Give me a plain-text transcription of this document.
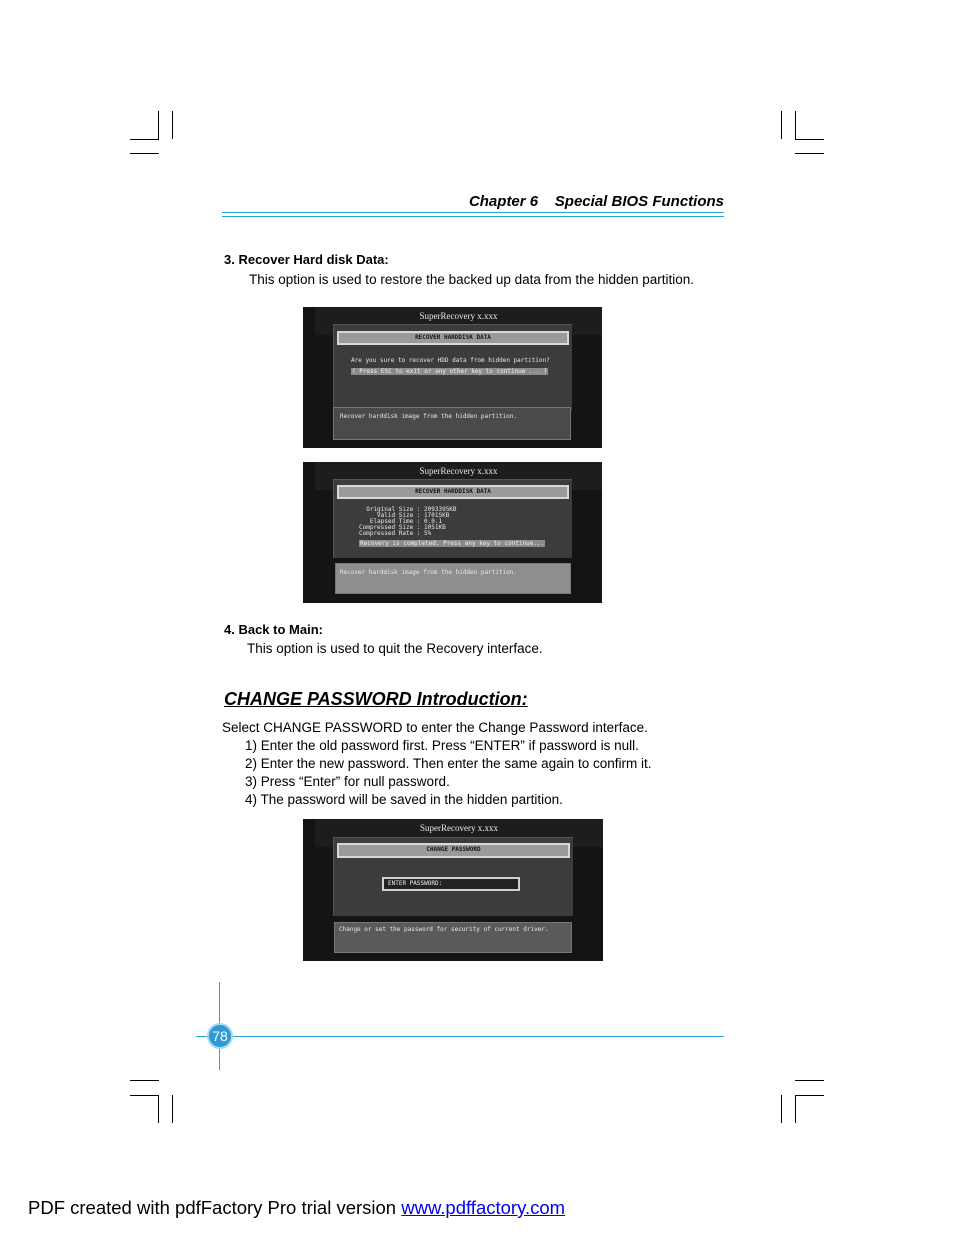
Chapter 6 Special BIOS Functions
3. Recover Hard disk Data:
This option is used to restore the backed up data from the hidden partition.
SuperRecovery x.xxx
RECOVER HARDDISK DATA
Are you sure to recover HDD data from hidden partition?
( Press ESC to exit or any other key to continue ... )
Recover harddisk image from the hidden partition.
SuperRecovery x.xxx
RECOVER HARDDISK DATA
Original Size : 2093395KB
Valid Size : 1701SKB
Elapsed Time : 0.0.1
Compressed Size : 1051KB
Compressed Rate : 5%
Recovery is completed. Press any key to continue...
Recover harddisk image from the hidden partition.
4. Back to Main:
This option is used to quit the Recovery interface.
CHANGE PASSWORD Introduction:
Select CHANGE PASSWORD to enter the Change Password interface.
1) Enter the old password first. Press “ENTER” if password is null.
2) Enter the new password. Then enter the same again to confirm it.
3) Press “Enter” for null password.
4) The password will be saved in the hidden partition.
SuperRecovery x.xxx
CHANGE PASSWORD
ENTER PASSWORD:
Change or set the password for security of current driver.
78
PDF created with pdfFactory Pro trial version www.pdffactory.com
